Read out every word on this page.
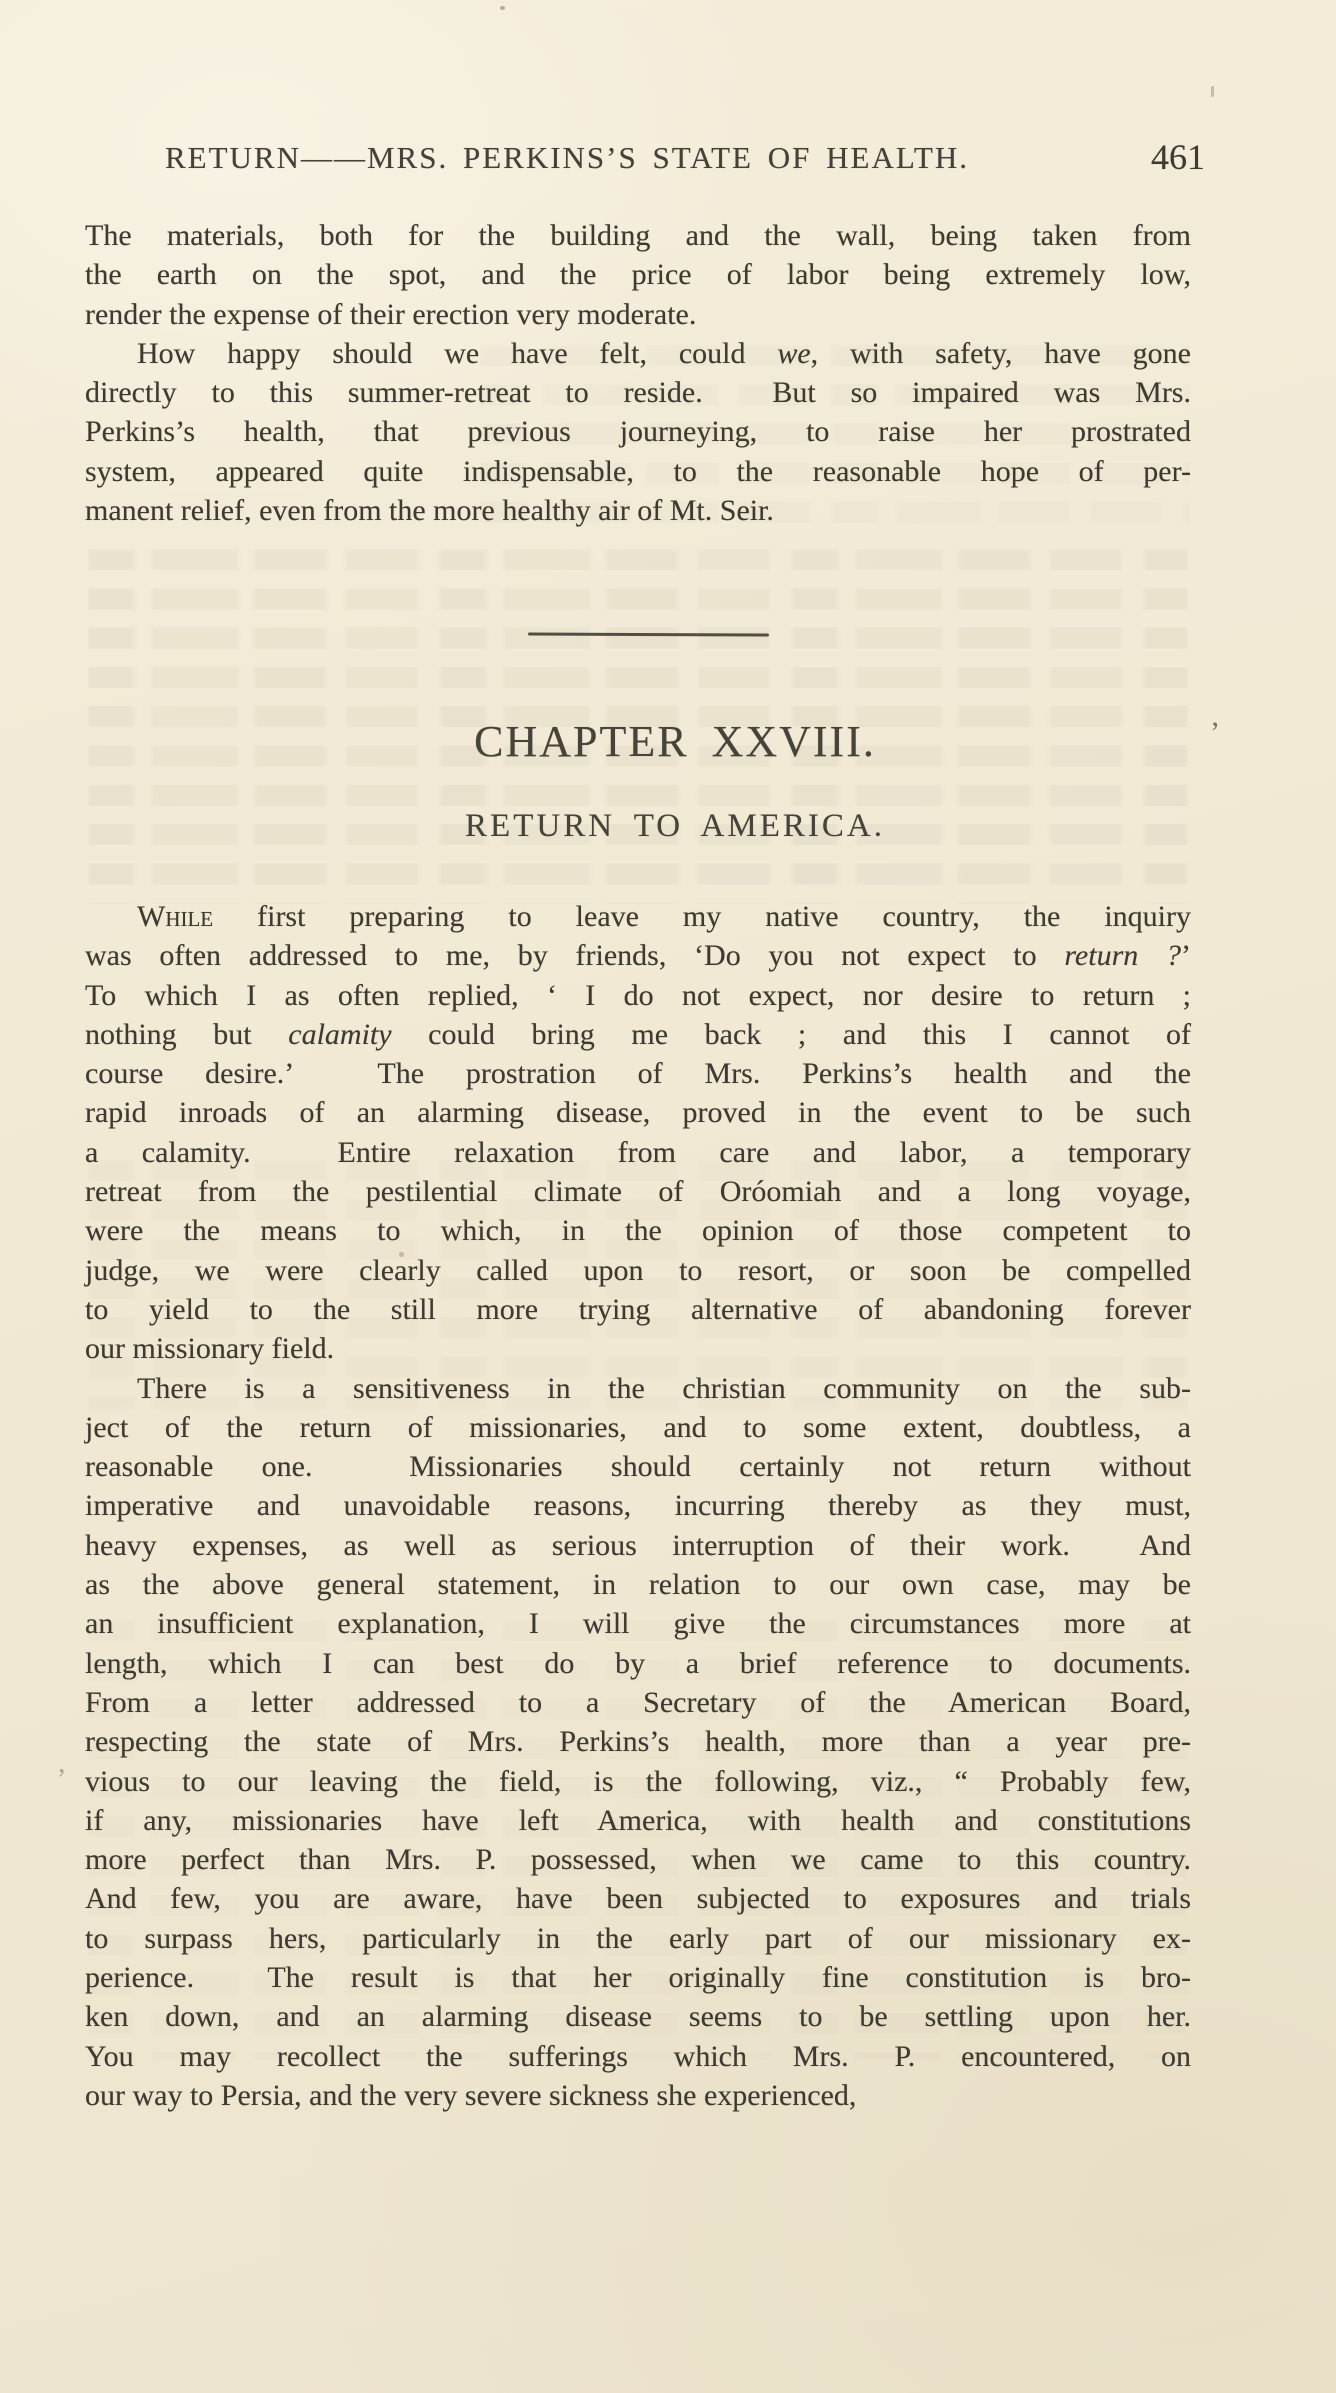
RETURN——MRS. PERKINS’S STATE OF HEALTH.	461
The materials, both for the building and the wall, being taken from
the earth on the spot, and the price of labor being extremely low,
render the expense of their erection very moderate.
How happy should we have felt, could we, with safety, have gone
directly to this summer-retreat to reside.  But so impaired was Mrs.
Perkins’s health, that previous journeying, to raise her prostrated
system, appeared quite indispensable, to the reasonable hope of per-
manent relief, even from the more healthy air of Mt. Seir.
CHAPTER XXVIII.
RETURN TO AMERICA.
While first preparing to leave my native country, the inquiry
was often addressed to me, by friends, ‘Do you not expect to return ?’
To which I as often replied, ‘ I do not expect, nor desire to return ;
nothing but calamity could bring me back ; and this I cannot of
course desire.’  The prostration of Mrs. Perkins’s health and the
rapid inroads of an alarming disease, proved in the event to be such
a calamity.  Entire relaxation from care and labor, a temporary
retreat from the pestilential climate of Oróomiah and a long voyage,
were the means to which, in the opinion of those competent to
judge, we were clearly called upon to resort, or soon be compelled
to yield to the still more trying alternative of abandoning forever
our missionary field.
There is a sensitiveness in the christian community on the sub-
ject of the return of missionaries, and to some extent, doubtless, a
reasonable one.  Missionaries should certainly not return without
imperative and unavoidable reasons, incurring thereby as they must,
heavy expenses, as well as serious interruption of their work.  And
as the above general statement, in relation to our own case, may be
an insufficient explanation, I will give the circumstances more at
length, which I can best do by a brief reference to documents.
From a letter addressed to a Secretary of the American Board,
respecting the state of Mrs. Perkins’s health, more than a year pre-
vious to our leaving the field, is the following, viz., “ Probably few,
if any, missionaries have left America, with health and constitutions
more perfect than Mrs. P. possessed, when we came to this country.
And few, you are aware, have been subjected to exposures and trials
to surpass hers, particularly in the early part of our missionary ex-
perience.  The result is that her originally fine constitution is bro-
ken down, and an alarming disease seems to be settling upon her.
You may recollect the sufferings which Mrs. P. encountered, on
our way to Persia, and the very severe sickness she experienced,
’
,
